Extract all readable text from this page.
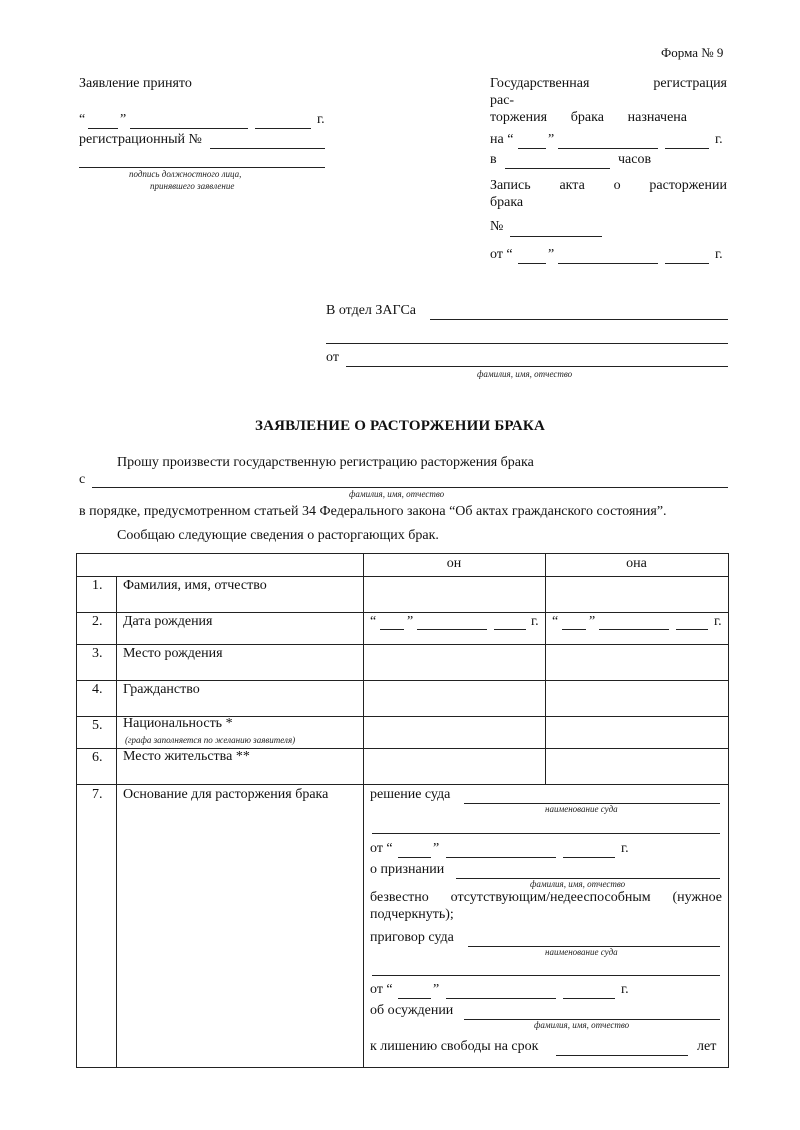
Форма № 9
Заявление принято
“ ”	г.
регистрационный №
подпись должностного лица,
принявшего заявление
Государственная	регистрация
рас-
торжения брака назначена
на “ ”	г.
в	часов
Запись акта о расторжении
брака
№
от “	”	г.
В отдел ЗАГСа
от
фамилия, имя, отчество
ЗАЯВЛЕНИЕ О РАСТОРЖЕНИИ БРАКА
Прошу произвести государственную регистрацию расторжения брака
с
фамилия, имя, отчество
в порядке, предусмотренном статьей 34 Федерального закона “Об актах гражданского состояния”.
Сообщаю следующие сведения о расторгающих брак.
он	она
1. Фамилия, имя, отчество
2. Дата рождения	“ ”	г. “ ”	г.
3. Место рождения
4. Гражданство
5. Национальность *
(графа заполняется по желанию заявителя)
6. Место жительства **
7. Основание для расторжения брака	решение суда
наименование суда
от “	”	г.
о признании
фамилия, имя, отчество
безвестно отсутствующим/недееспособным (нужное
подчеркнуть);
приговор суда
наименование суда
от “	”	г.
об осуждении
фамилия, имя, отчество
к лишению свободы на срок	лет
